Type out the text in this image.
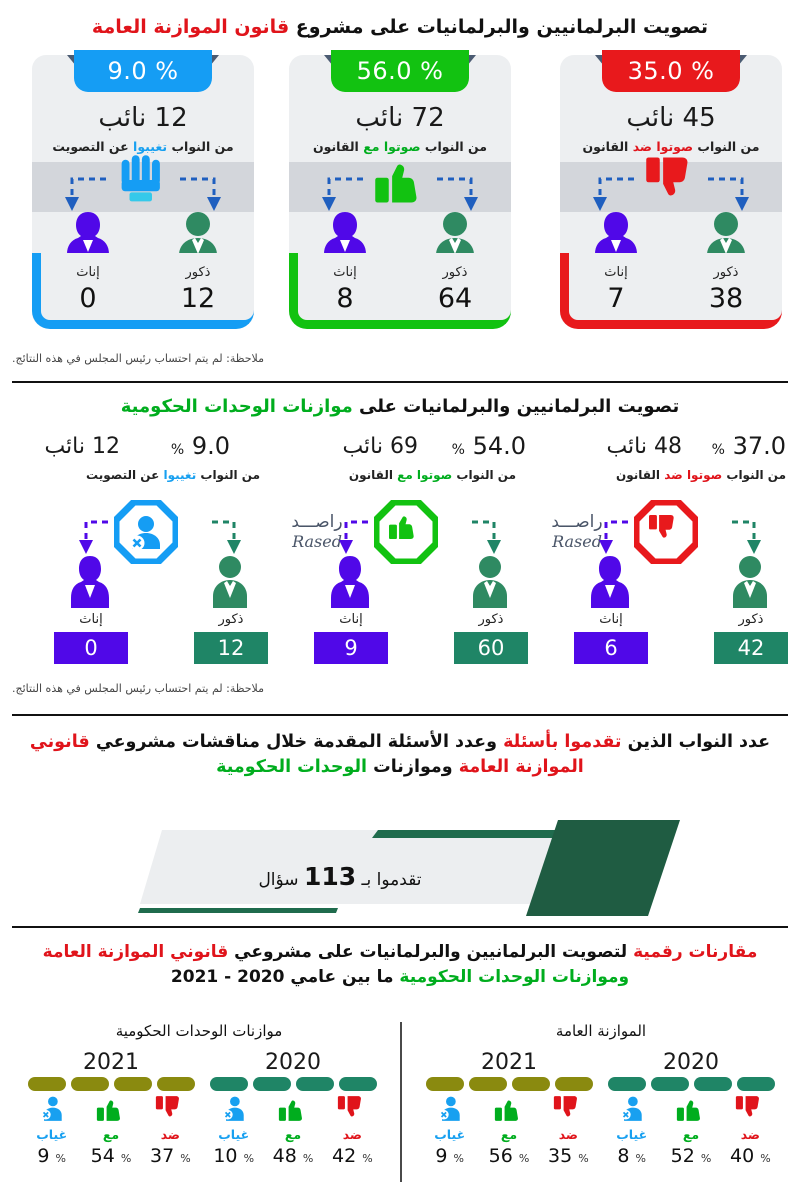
تصويت البرلمانيين والبرلمانيات على مشروع قانون الموازنة العامة
35.0 %
45 نائب
من النواب صوتوا ضد القانون
إناث
7
ذكور
38
56.0 %
72 نائب
من النواب صوتوا مع القانون
إناث
8
ذكور
64
9.0 %
12 نائب
من النواب تغيبوا عن التصويت
إناث
0
ذكور
12
ملاحظة: لم يتم احتساب رئيس المجلس في هذه النتائج.
تصويت البرلمانيين والبرلمانيات على موازنات الوحدات الحكومية
% 37.0
48 نائب
من النواب صوتوا ضد القانون
% 54.0
69 نائب
من النواب صوتوا مع القانون
% 9.0
12 نائب
من النواب تغيبوا عن التصويت
راصـــد
Rased
راصـــد
Rased
إناث
6
ذكور
42
إناث
9
ذكور
60
إناث
0
ذكور
12
ملاحظة: لم يتم احتساب رئيس المجلس في هذه النتائج.
عدد النواب الذين تقدموا بأسئلة وعدد الأسئلة المقدمة خلال مناقشات مشروعي قانوني
الموازنة العامة وموازنات الوحدات الحكومية
44
نائب
تقدموا بـ 113 سؤال
مقارنات رقمية لتصويت البرلمانيين والبرلمانيات على مشروعي قانوني الموازنة العامة
وموازنات الوحدات الحكومية ما بين عامي 2020 - 2021
الموازنة العامة
2020
ضد
40 %
مع
52 %
غياب
8 %
2021
ضد
35 %
مع
56 %
غياب
9 %
موازنات الوحدات الحكومية
2020
ضد
42 %
مع
48 %
غياب
10 %
2021
ضد
37 %
مع
54 %
غياب
9 %
